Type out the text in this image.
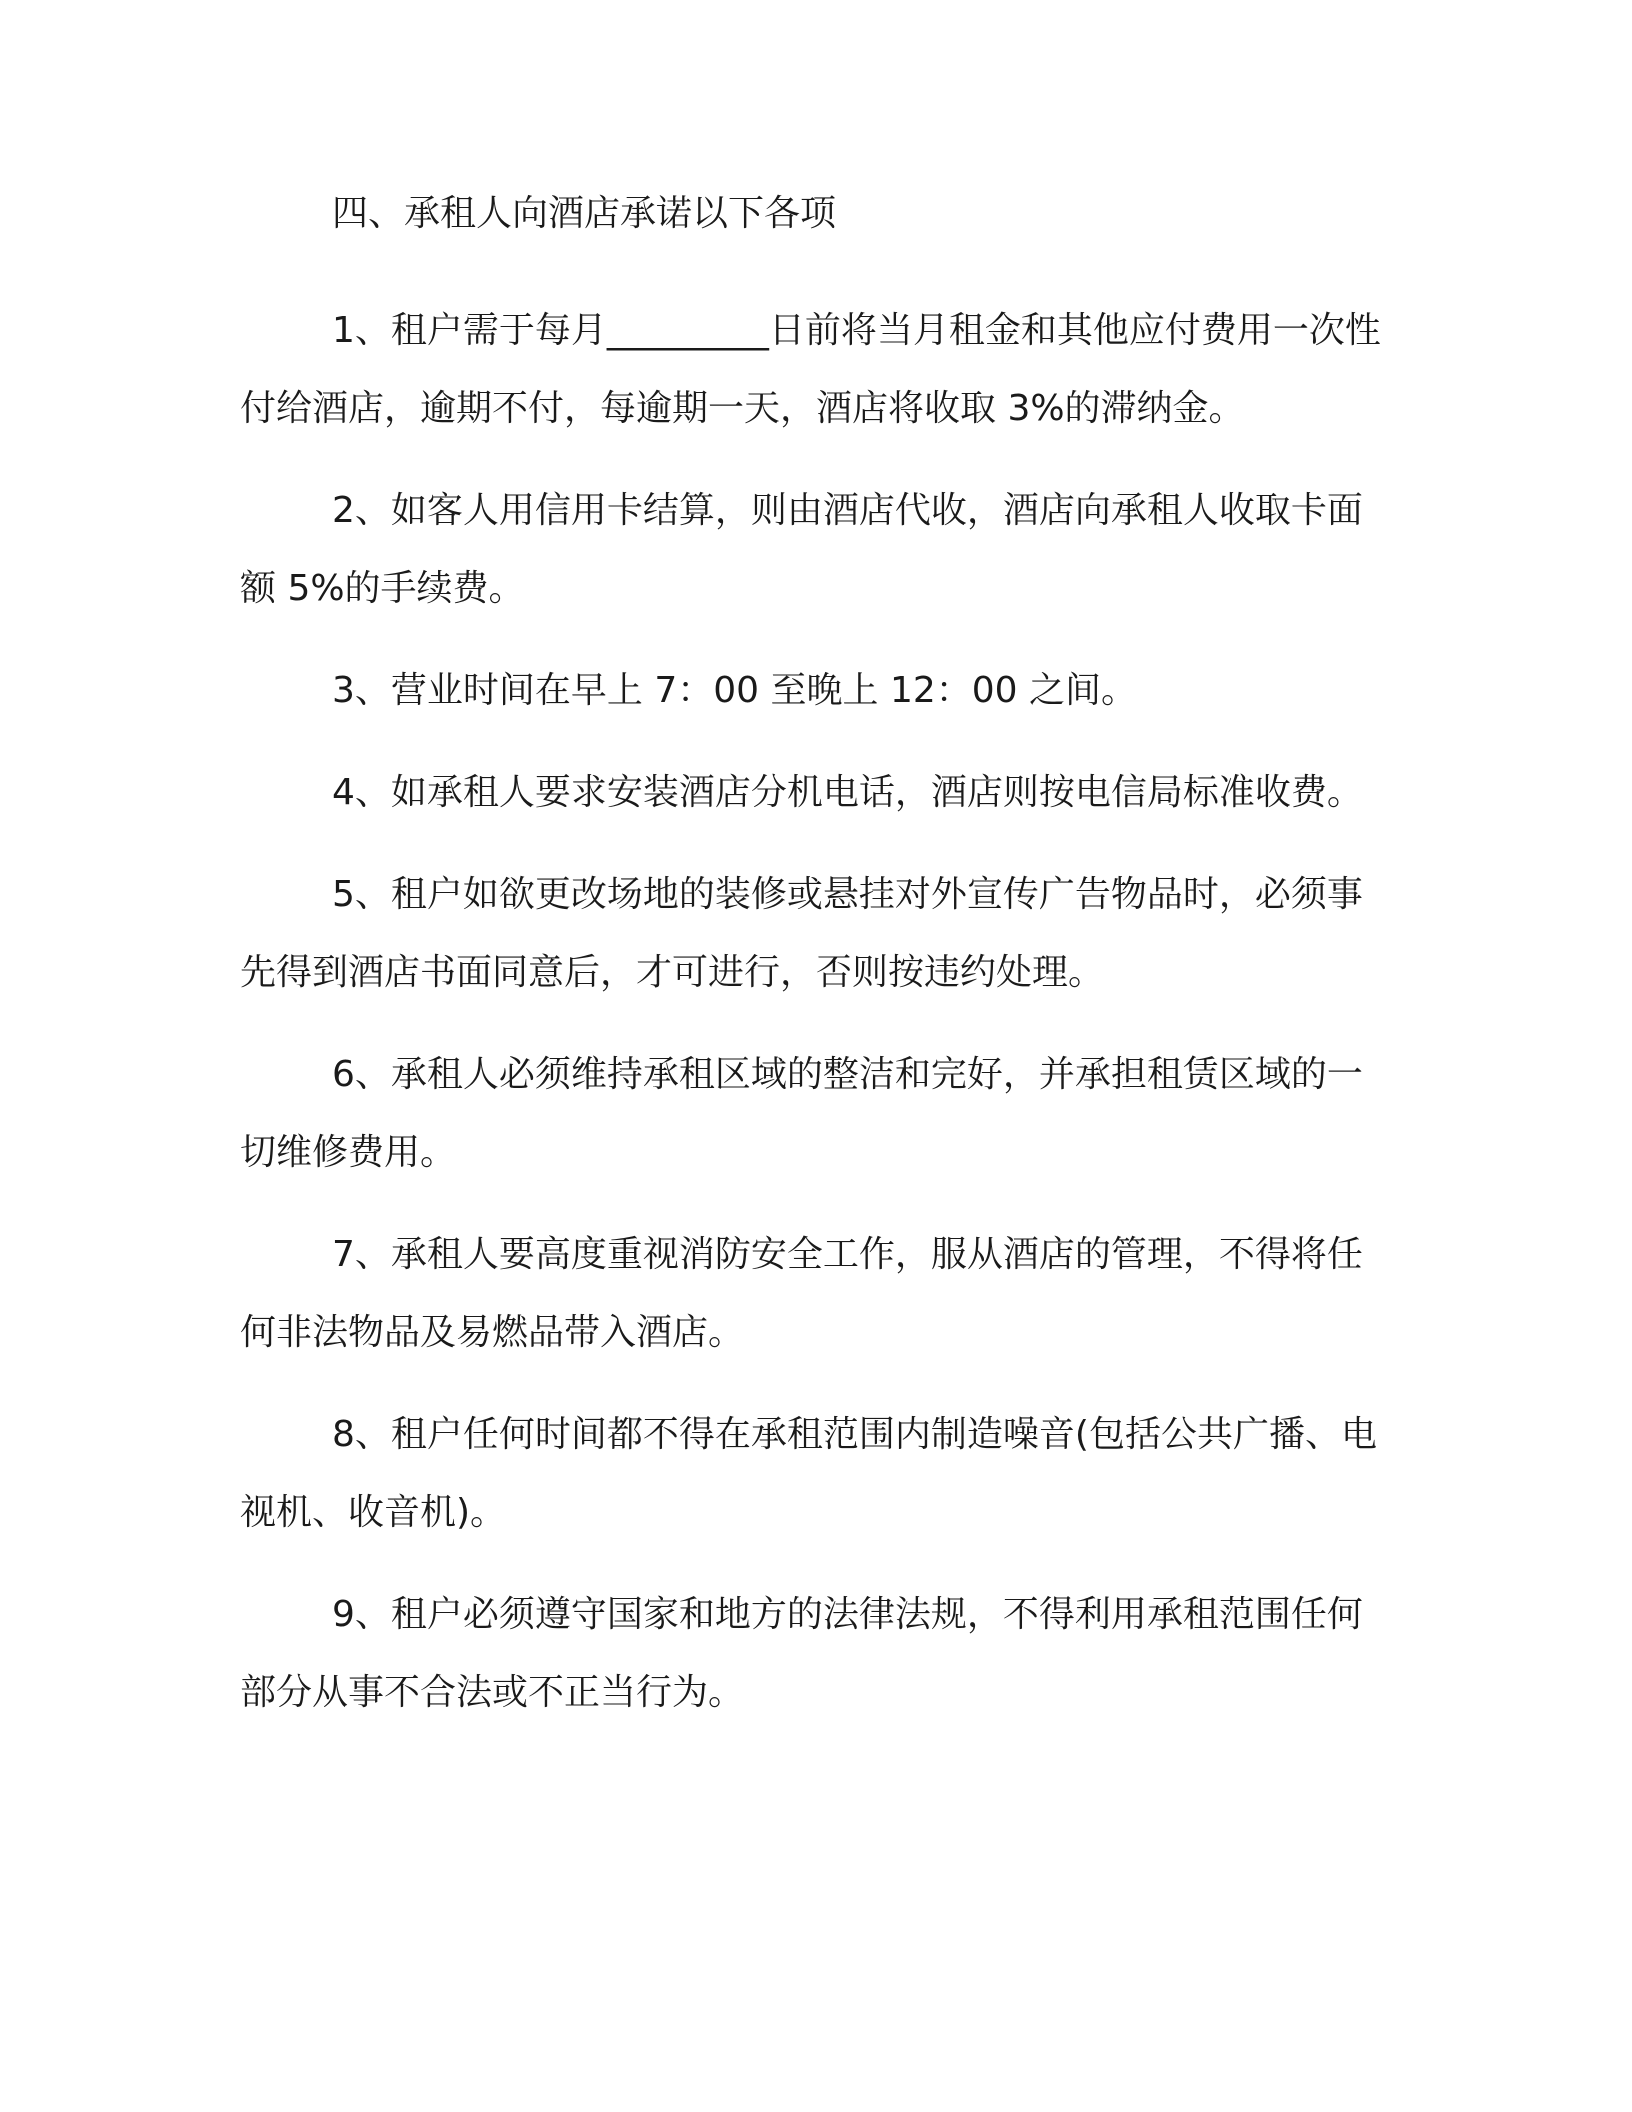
四、承租人向酒店承诺以下各项

1、租户需于每月_________日前将当月租金和其他应付费用一次性付给酒店，逾期不付，每逾期一天，酒店将收取 3%的滞纳金。

2、如客人用信用卡结算，则由酒店代收，酒店向承租人收取卡面额 5%的手续费。

3、营业时间在早上 7：00 至晚上 12：00 之间。

4、如承租人要求安装酒店分机电话，酒店则按电信局标准收费。

5、租户如欲更改场地的装修或悬挂对外宣传广告物品时，必须事先得到酒店书面同意后，才可进行，否则按违约处理。

6、承租人必须维持承租区域的整洁和完好，并承担租赁区域的一切维修费用。

7、承租人要高度重视消防安全工作，服从酒店的管理，不得将任何非法物品及易燃品带入酒店。

8、租户任何时间都不得在承租范围内制造噪音(包括公共广播、电视机、收音机)。

9、租户必须遵守国家和地方的法律法规，不得利用承租范围任何部分从事不合法或不正当行为。
